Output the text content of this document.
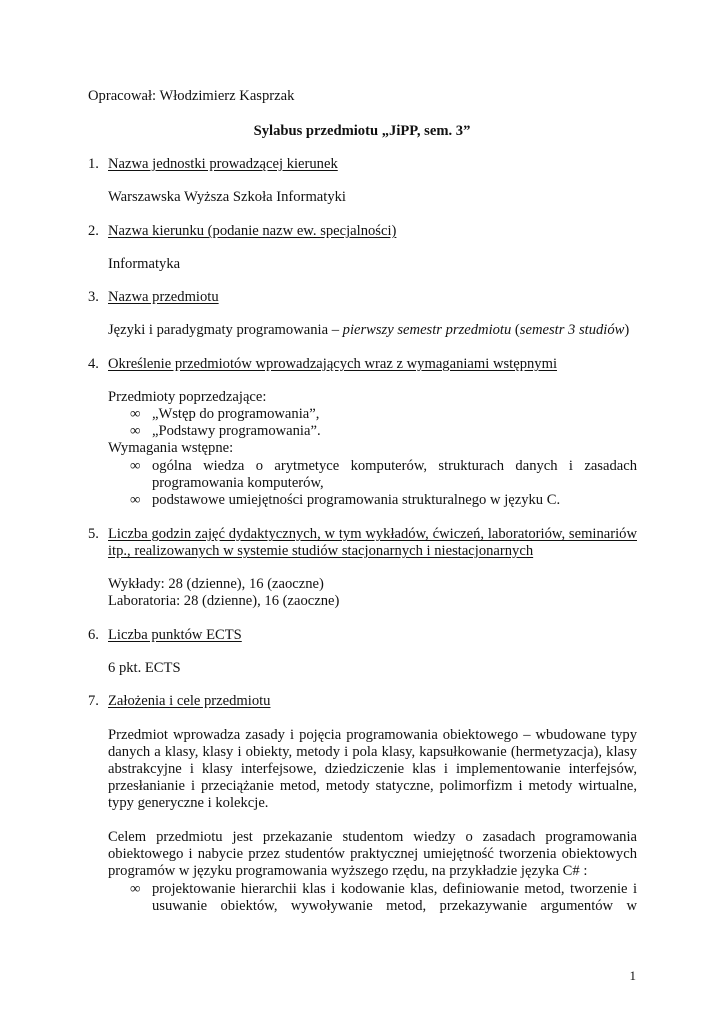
Opracował: Włodzimierz Kasprzak
Sylabus przedmiotu „JiPP, sem. 3”
1. Nazwa jednostki prowadzącej kierunek
Warszawska Wyższa Szkoła Informatyki
2. Nazwa kierunku (podanie nazw ew. specjalności)
Informatyka
3. Nazwa przedmiotu
Języki i paradygmaty programowania – pierwszy semestr przedmiotu (semestr 3 studiów)
4. Określenie przedmiotów wprowadzających wraz z wymaganiami wstępnymi
Przedmioty poprzedzające:
∞ „Wstęp do programowania”,
∞ „Podstawy programowania”.
Wymagania wstępne:
∞ ogólna wiedza o arytmetyce komputerów, strukturach danych i zasadach
programowania komputerów,
∞ podstawowe umiejętności programowania strukturalnego w języku C.
5. Liczba godzin zajęć dydaktycznych, w tym wykładów, ćwiczeń, laboratoriów, seminariów
itp., realizowanych w systemie studiów stacjonarnych i niestacjonarnych
Wykłady: 28 (dzienne), 16 (zaoczne)
Laboratoria: 28 (dzienne), 16 (zaoczne)
6. Liczba punktów ECTS
6 pkt. ECTS
7. Założenia i cele przedmiotu
Przedmiot wprowadza zasady i pojęcia programowania obiektowego – wbudowane typy
danych a klasy, klasy i obiekty, metody i pola klasy, kapsułkowanie (hermetyzacja), klasy
abstrakcyjne i klasy interfejsowe, dziedziczenie klas i implementowanie interfejsów,
przesłanianie i przeciążanie metod, metody statyczne, polimorfizm i metody wirtualne,
typy generyczne i kolekcje.
Celem przedmiotu jest przekazanie studentom wiedzy o zasadach programowania
obiektowego i nabycie przez studentów praktycznej umiejętność tworzenia obiektowych
programów w języku programowania wyższego rzędu, na przykładzie języka C# :
∞ projektowanie hierarchii klas i kodowanie klas, definiowanie metod, tworzenie i
usuwanie obiektów, wywoływanie metod, przekazywanie argumentów w
1
